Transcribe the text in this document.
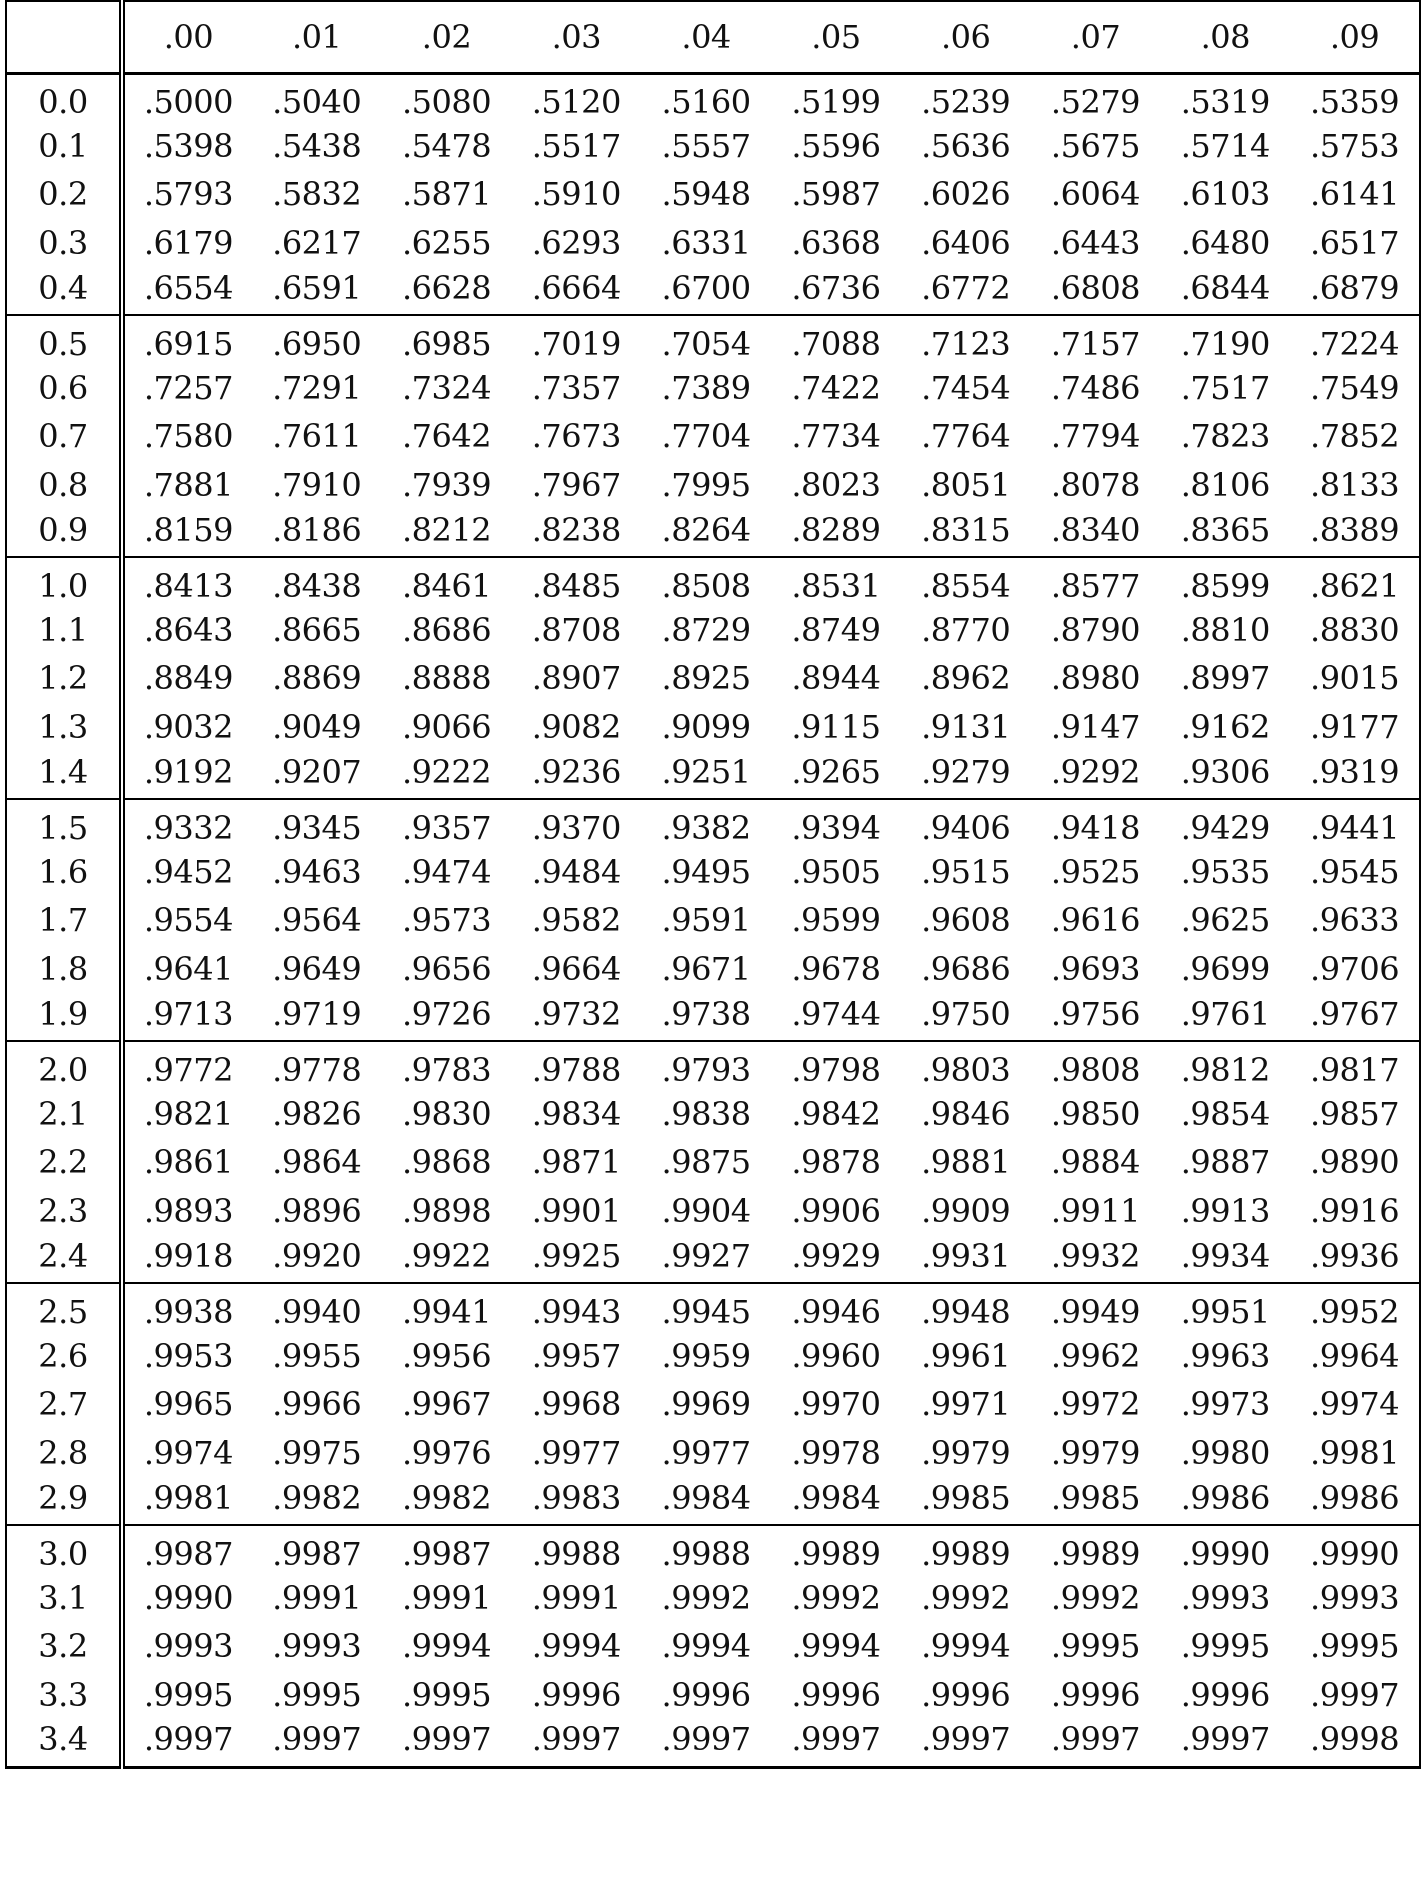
	.00	.01	.02	.03	.04	.05	.06	.07	.08	.09
0.0	.5000	.5040	.5080	.5120	.5160	.5199	.5239	.5279	.5319	.5359
0.1	.5398	.5438	.5478	.5517	.5557	.5596	.5636	.5675	.5714	.5753
0.2	.5793	.5832	.5871	.5910	.5948	.5987	.6026	.6064	.6103	.6141
0.3	.6179	.6217	.6255	.6293	.6331	.6368	.6406	.6443	.6480	.6517
0.4	.6554	.6591	.6628	.6664	.6700	.6736	.6772	.6808	.6844	.6879
0.5	.6915	.6950	.6985	.7019	.7054	.7088	.7123	.7157	.7190	.7224
0.6	.7257	.7291	.7324	.7357	.7389	.7422	.7454	.7486	.7517	.7549
0.7	.7580	.7611	.7642	.7673	.7704	.7734	.7764	.7794	.7823	.7852
0.8	.7881	.7910	.7939	.7967	.7995	.8023	.8051	.8078	.8106	.8133
0.9	.8159	.8186	.8212	.8238	.8264	.8289	.8315	.8340	.8365	.8389
1.0	.8413	.8438	.8461	.8485	.8508	.8531	.8554	.8577	.8599	.8621
1.1	.8643	.8665	.8686	.8708	.8729	.8749	.8770	.8790	.8810	.8830
1.2	.8849	.8869	.8888	.8907	.8925	.8944	.8962	.8980	.8997	.9015
1.3	.9032	.9049	.9066	.9082	.9099	.9115	.9131	.9147	.9162	.9177
1.4	.9192	.9207	.9222	.9236	.9251	.9265	.9279	.9292	.9306	.9319
1.5	.9332	.9345	.9357	.9370	.9382	.9394	.9406	.9418	.9429	.9441
1.6	.9452	.9463	.9474	.9484	.9495	.9505	.9515	.9525	.9535	.9545
1.7	.9554	.9564	.9573	.9582	.9591	.9599	.9608	.9616	.9625	.9633
1.8	.9641	.9649	.9656	.9664	.9671	.9678	.9686	.9693	.9699	.9706
1.9	.9713	.9719	.9726	.9732	.9738	.9744	.9750	.9756	.9761	.9767
2.0	.9772	.9778	.9783	.9788	.9793	.9798	.9803	.9808	.9812	.9817
2.1	.9821	.9826	.9830	.9834	.9838	.9842	.9846	.9850	.9854	.9857
2.2	.9861	.9864	.9868	.9871	.9875	.9878	.9881	.9884	.9887	.9890
2.3	.9893	.9896	.9898	.9901	.9904	.9906	.9909	.9911	.9913	.9916
2.4	.9918	.9920	.9922	.9925	.9927	.9929	.9931	.9932	.9934	.9936
2.5	.9938	.9940	.9941	.9943	.9945	.9946	.9948	.9949	.9951	.9952
2.6	.9953	.9955	.9956	.9957	.9959	.9960	.9961	.9962	.9963	.9964
2.7	.9965	.9966	.9967	.9968	.9969	.9970	.9971	.9972	.9973	.9974
2.8	.9974	.9975	.9976	.9977	.9977	.9978	.9979	.9979	.9980	.9981
2.9	.9981	.9982	.9982	.9983	.9984	.9984	.9985	.9985	.9986	.9986
3.0	.9987	.9987	.9987	.9988	.9988	.9989	.9989	.9989	.9990	.9990
3.1	.9990	.9991	.9991	.9991	.9992	.9992	.9992	.9992	.9993	.9993
3.2	.9993	.9993	.9994	.9994	.9994	.9994	.9994	.9995	.9995	.9995
3.3	.9995	.9995	.9995	.9996	.9996	.9996	.9996	.9996	.9996	.9997
3.4	.9997	.9997	.9997	.9997	.9997	.9997	.9997	.9997	.9997	.9998
